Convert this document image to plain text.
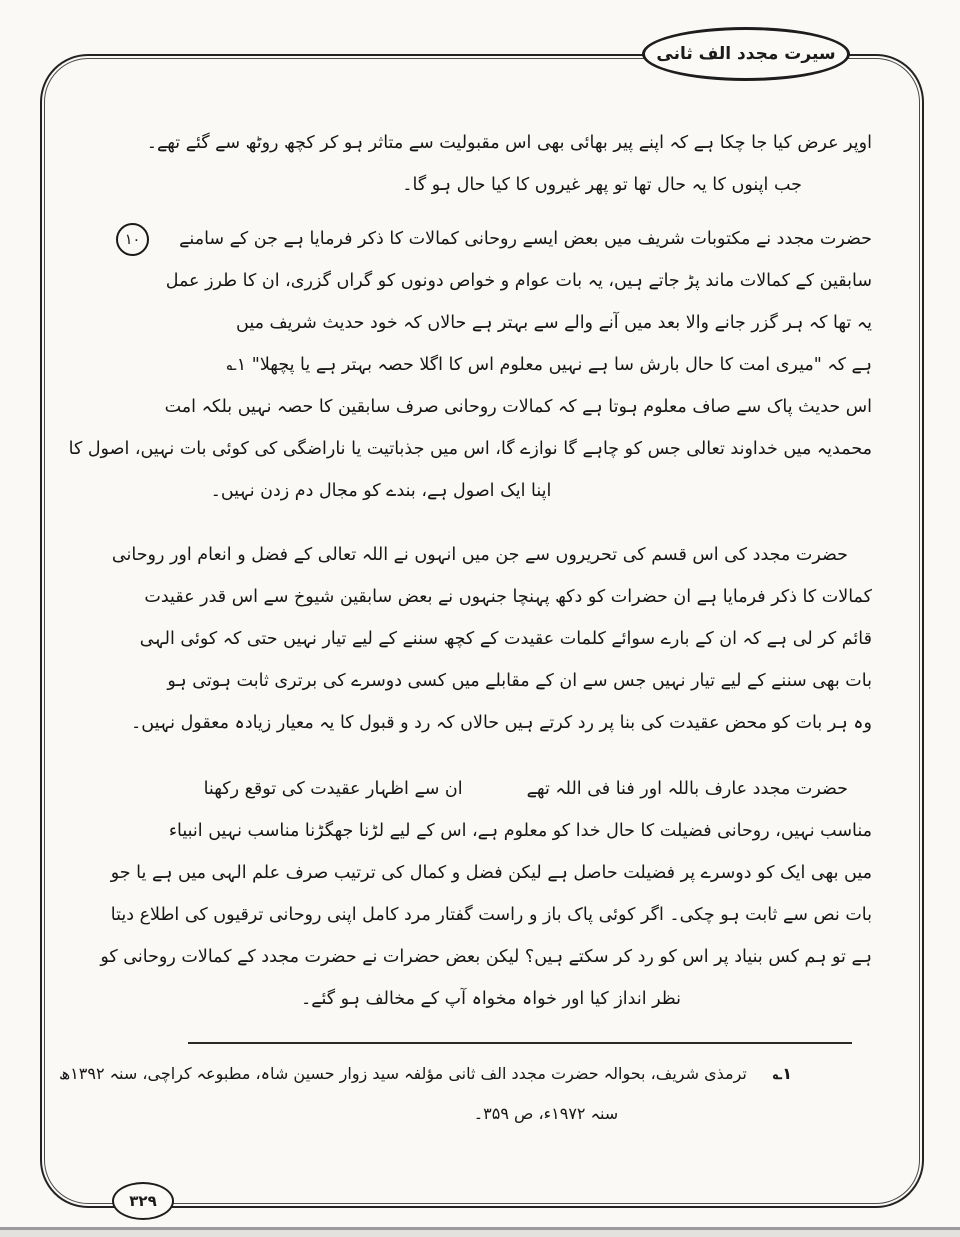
سیرت مجدد الف ثانی
اوپر عرض کیا جا چکا ہے کہ اپنے پیر بھائی بھی اس مقبولیت سے متاثر ہو کر کچھ روٹھ سے گئے تھے۔
جب اپنوں کا یہ حال تھا تو پھر غیروں کا کیا حال ہو گا۔
۱۰	حضرت مجدد نے مکتوبات شریف میں بعض ایسے روحانی کمالات کا ذکر فرمایا ہے جن کے سامنے
سابقین کے کمالات ماند پڑ جاتے ہیں، یہ بات عوام و خواص دونوں کو گراں گزری، ان کا طرز عمل
یہ تھا کہ ہر گزر جانے والا بعد میں آنے والے سے بہتر ہے حالاں کہ خود حدیث شریف میں
ہے کہ "میری امت کا حال بارش سا ہے نہیں معلوم اس کا اگلا حصہ بہتر ہے یا پچھلا" ۱؎
اس حدیث پاک سے صاف معلوم ہوتا ہے کہ کمالات روحانی صرف سابقین کا حصہ نہیں بلکہ امت
محمدیہ میں خداوند تعالی جس کو چاہے گا نوازے گا، اس میں جذباتیت یا ناراضگی کی کوئی بات نہیں، اصول کا
اپنا ایک اصول ہے، بندے کو مجال دم زدن نہیں۔
حضرت مجدد کی اس قسم کی تحریروں سے جن میں انہوں نے اللہ تعالی کے فضل و انعام اور روحانی
کمالات کا ذکر فرمایا ہے ان حضرات کو دکھ پہنچا جنہوں نے بعض سابقین شیوخ سے اس قدر عقیدت
قائم کر لی ہے کہ ان کے بارے سوائے کلمات عقیدت کے کچھ سننے کے لیے تیار نہیں حتی کہ کوئی الہی
بات بھی سننے کے لیے تیار نہیں جس سے ان کے مقابلے میں کسی دوسرے کی برتری ثابت ہوتی ہو
وہ ہر بات کو محض عقیدت کی بنا پر رد کرتے ہیں حالاں کہ رد و قبول کا یہ معیار زیادہ معقول نہیں۔
حضرت مجدد عارف باللہ اور فنا فی اللہ تھےان سے اظہار عقیدت کی توقع رکھنا
مناسب نہیں، روحانی فضیلت کا حال خدا کو معلوم ہے، اس کے لیے لڑنا جھگڑنا مناسب نہیں انبیاء
میں بھی ایک کو دوسرے پر فضیلت حاصل ہے لیکن فضل و کمال کی ترتیب صرف علم الہی میں ہے یا جو
بات نص سے ثابت ہو چکی۔ اگر کوئی پاک باز و راست گفتار مرد کامل اپنی روحانی ترقیوں کی اطلاع دیتا
ہے تو ہم کس بنیاد پر اس کو رد کر سکتے ہیں؟ لیکن بعض حضرات نے حضرت مجدد کے کمالات روحانی کو
نظر انداز کیا اور خواہ مخواہ آپ کے مخالف ہو گئے۔
۱؎ترمذی شریف، بحوالہ حضرت مجدد الف ثانی مؤلفہ سید زوار حسین شاہ، مطبوعہ کراچی، سنہ ۱۳۹۲ھ
سنہ ۱۹۷۲ء، ص ۳۵۹۔
۳۲۹
